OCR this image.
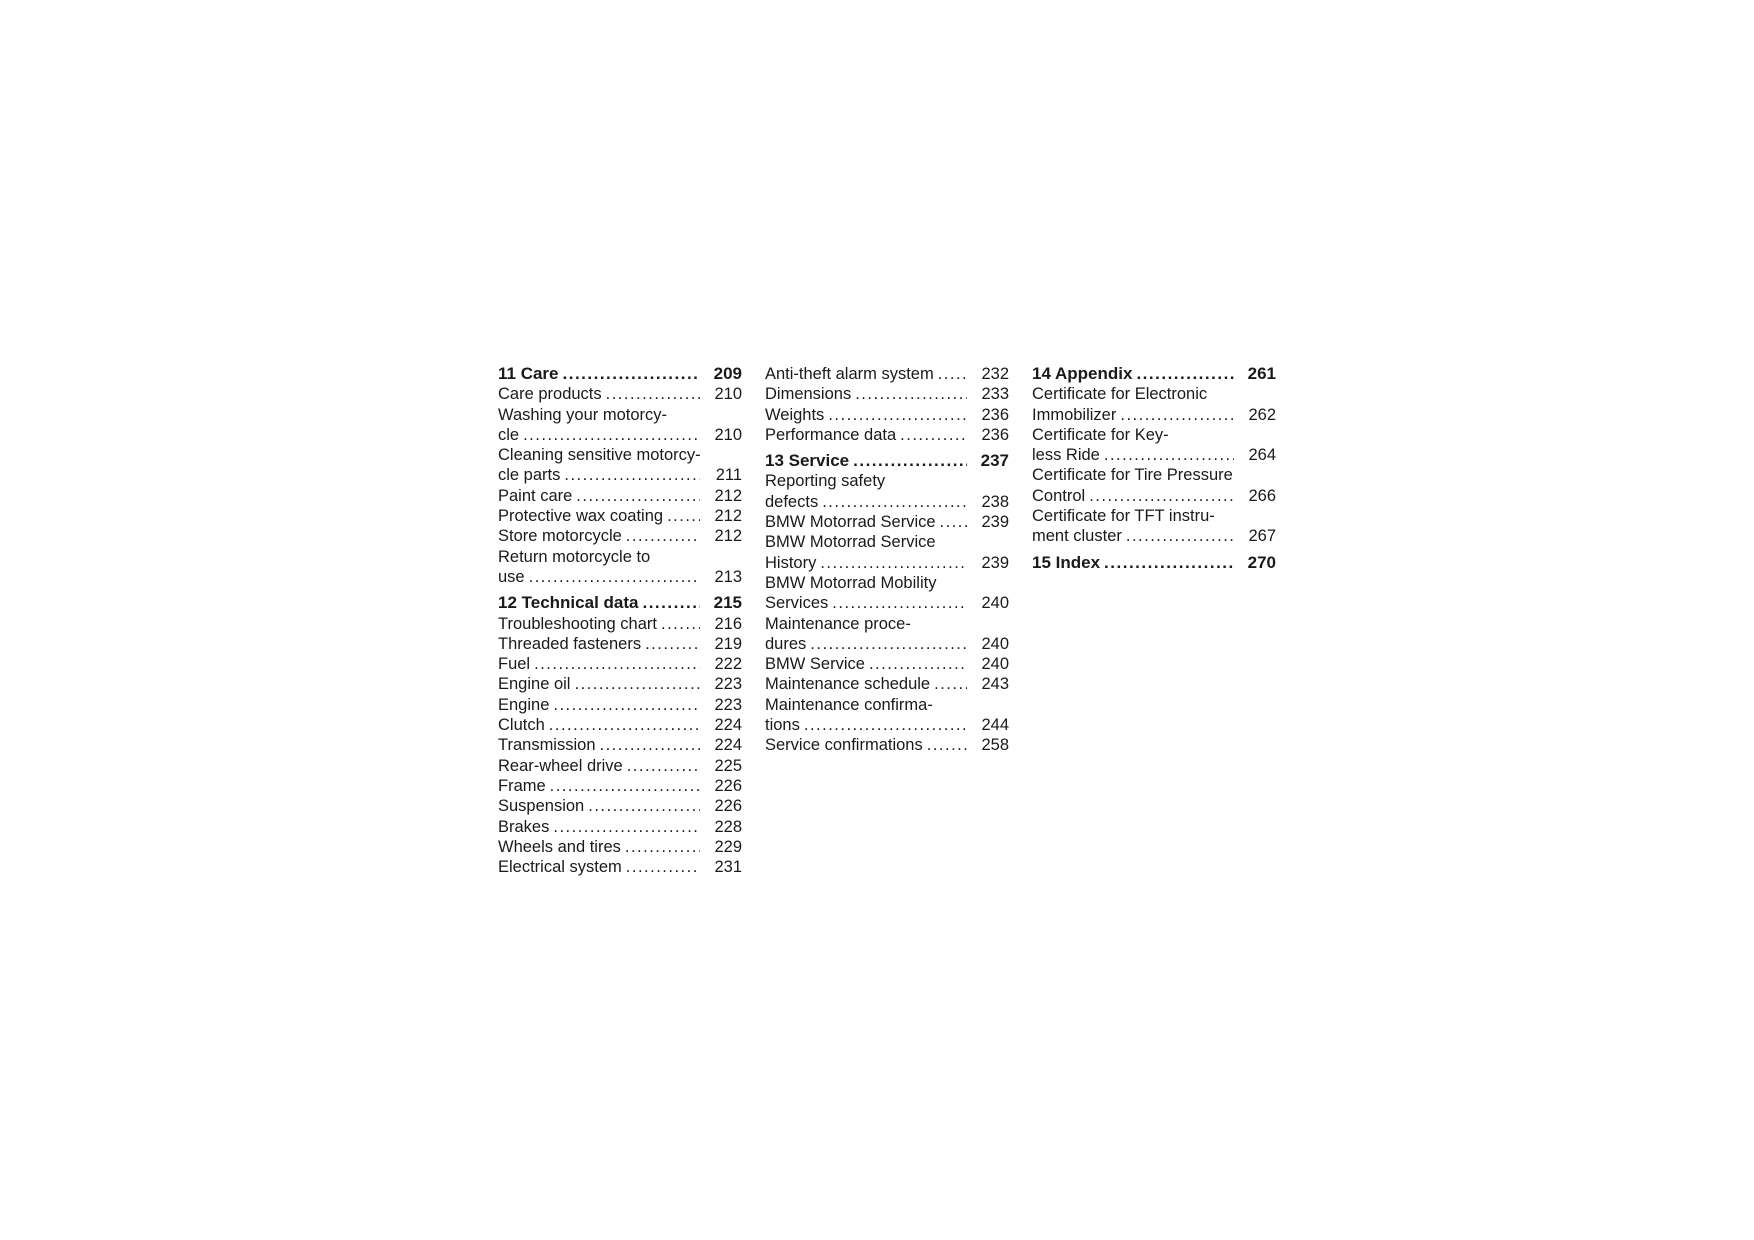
11 Care .....	209
Care products .....	210
Washing your motorcy-
cle .....	210
Cleaning sensitive motorcy-
cle parts .....	211
Paint care .....	212
Protective wax coating .....	212
Store motorcycle .....	212
Return motorcycle to
use .....	213
12 Technical data .....	215
Troubleshooting chart .....	216
Threaded fasteners .....	219
Fuel .....	222
Engine oil .....	223
Engine .....	223
Clutch .....	224
Transmission .....	224
Rear-wheel drive .....	225
Frame .....	226
Suspension .....	226
Brakes .....	228
Wheels and tires .....	229
Electrical system .....	231
Anti-theft alarm system .....	232
Dimensions .....	233
Weights .....	236
Performance data .....	236
13 Service .....	237
Reporting safety
defects .....	238
BMW Motorrad Service .....	239
BMW Motorrad Service
History .....	239
BMW Motorrad Mobility
Services .....	240
Maintenance proce-
dures .....	240
BMW Service .....	240
Maintenance schedule .....	243
Maintenance confirma-
tions .....	244
Service confirmations .....	258
14 Appendix .....	261
Certificate for Electronic
Immobilizer .....	262
Certificate for Key-
less Ride .....	264
Certificate for Tire Pressure
Control .....	266
Certificate for TFT instru-
ment cluster .....	267
15 Index .....	270
